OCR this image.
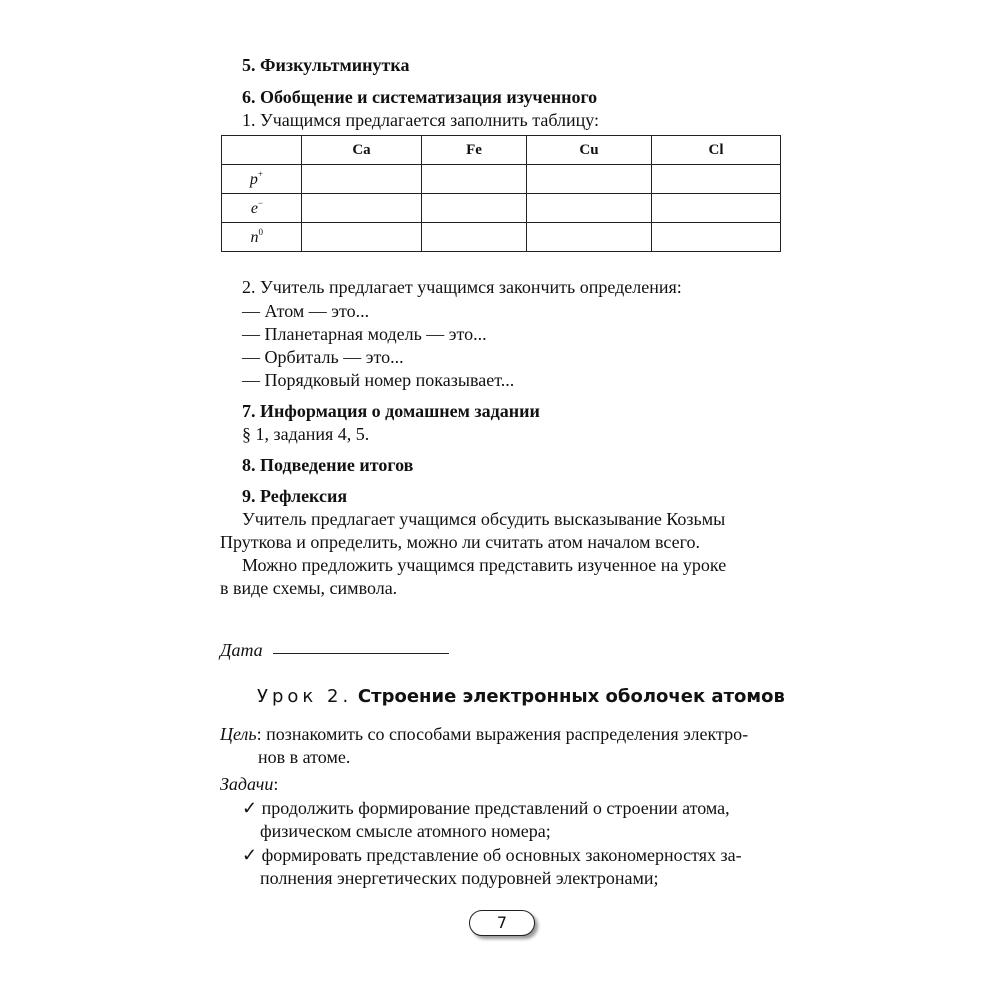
5. Физкультминутка
6. Обобщение и систематизация изученного
1. Учащимся предлагается заполнить таблицу:
	Ca	Fe	Cu	Cl
p+				
e−				
$n^0$				
2. Учитель предлагает учащимся закончить определения:
— Атом — это...
— Планетарная модель — это...
— Орбиталь — это...
— Порядковый номер показывает...
7. Информация о домашнем задании
§ 1, задания 4, 5.
8. Подведение итогов
9. Рефлексия
Учитель предлагает учащимся обсудить высказывание Козьмы
Пруткова и определить, можно ли считать атом началом всего.
Можно предложить учащимся представить изученное на уроке
в виде схемы, символа.
Дата
Урок 2. Строение электронных оболочек атомов
Цель: познакомить со способами выражения распределения электро-
нов в атоме.
Задачи:
✓ продолжить формирование представлений о строении атома,
физическом смысле атомного номера;
✓ формировать представление об основных закономерностях за-
полнения энергетических подуровней электронами;
7
